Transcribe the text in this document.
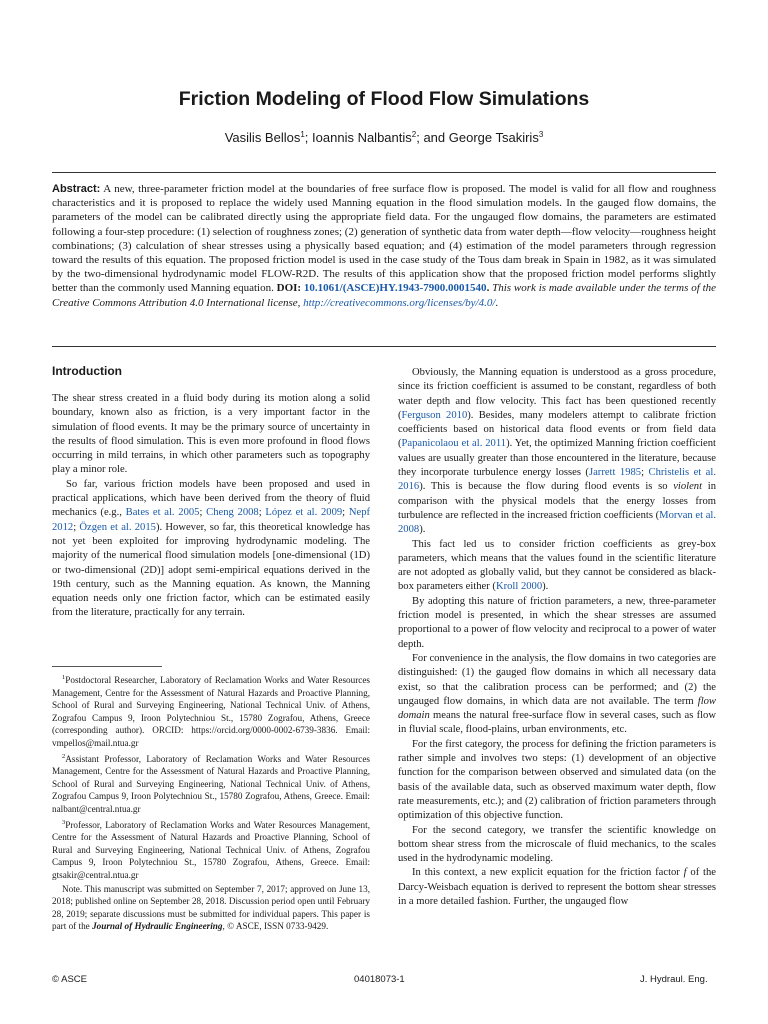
Friction Modeling of Flood Flow Simulations
Vasilis Bellos$^1$; Ioannis Nalbantis$^2$; and George Tsakiris$^3$

Abstract: A new, three-parameter friction model at the boundaries of free surface flow is proposed. The model is valid for all flow and roughness characteristics and it is proposed to replace the widely used Manning equation in the flood simulation models. In the gauged flow domains, the parameters of the model can be calibrated directly using the appropriate field data. For the ungauged flow domains, the parameters are estimated following a four-step procedure: (1) selection of roughness zones; (2) generation of synthetic data from water depth—flow velocity—roughness height combinations; (3) calculation of shear stresses using a physically based equation; and (4) estimation of the model parameters through regression toward the results of this equation. The proposed friction model is used in the case study of the Tous dam break in Spain in 1982, as it was simulated by the two-dimensional hydrodynamic model FLOW-R2D. The results of this application show that the proposed friction model performs slightly better than the commonly used Manning equation. DOI: 10.1061/(ASCE)HY.1943-7900.0001540. This work is made available under the terms of the Creative Commons Attribution 4.0 International license, http://creativecommons.org/licenses/by/4.0/.

Introduction

The shear stress created in a fluid body during its motion along a solid boundary, known also as friction, is a very important factor in the simulation of flood events. It may be the primary source of uncertainty in the results of flood simulation. This is even more profound in flood flows occurring in mild terrains, in which other parameters such as topography play a minor role.

So far, various friction models have been proposed and used in practical applications, which have been derived from the theory of fluid mechanics (e.g., Bates et al. 2005; Cheng 2008; López et al. 2009; Nepf 2012; Özgen et al. 2015). However, so far, this theoretical knowledge has not yet been exploited for improving hydrodynamic modeling. The majority of the numerical flood simulation models [one-dimensional (1D) or two-dimensional (2D)] adopt semi-empirical equations derived in the 19th century, such as the Manning equation. As known, the Manning equation needs only one friction factor, which can be estimated easily from the literature, practically for any terrain.

$^1$Postdoctoral Researcher, Laboratory of Reclamation Works and Water Resources Management, Centre for the Assessment of Natural Hazards and Proactive Planning, School of Rural and Surveying Engineering, National Technical Univ. of Athens, Zografou Campus 9, Iroon Polytechniou St., 15780 Zografou, Athens, Greece (corresponding author). ORCID: https://orcid.org/0000-0002-6739-3836. Email: vmpellos@mail.ntua.gr

$^2$Assistant Professor, Laboratory of Reclamation Works and Water Resources Management, Centre for the Assessment of Natural Hazards and Proactive Planning, School of Rural and Surveying Engineering, National Technical Univ. of Athens, Zografou Campus 9, Iroon Polytechniou St., 15780 Zografou, Athens, Greece. Email: nalbant@central.ntua.gr

$^3$Professor, Laboratory of Reclamation Works and Water Resources Management, Centre for the Assessment of Natural Hazards and Proactive Planning, School of Rural and Surveying Engineering, National Technical Univ. of Athens, Zografou Campus 9, Iroon Polytechniou St., 15780 Zografou, Athens, Greece. Email: gtsakir@central.ntua.gr

Note. This manuscript was submitted on September 7, 2017; approved on June 13, 2018; published online on September 28, 2018. Discussion period open until February 28, 2019; separate discussions must be submitted for individual papers. This paper is part of the Journal of Hydraulic Engineering, © ASCE, ISSN 0733-9429.

Obviously, the Manning equation is understood as a gross procedure, since its friction coefficient is assumed to be constant, regardless of both water depth and flow velocity. This fact has been questioned recently (Ferguson 2010). Besides, many modelers attempt to calibrate friction coefficients based on historical data flood events or from field data (Papanicolaou et al. 2011). Yet, the optimized Manning friction coefficient values are usually greater than those encountered in the literature, because they incorporate turbulence energy losses (Jarrett 1985; Christelis et al. 2016). This is because the flow during flood events is so violent in comparison with the physical models that the energy losses from turbulence are reflected in the increased friction coefficients (Morvan et al. 2008).

This fact led us to consider friction coefficients as grey-box parameters, which means that the values found in the scientific literature are not adopted as globally valid, but they cannot be considered as black-box parameters either (Kroll 2000).

By adopting this nature of friction parameters, a new, three-parameter friction model is presented, in which the shear stresses are assumed proportional to a power of flow velocity and reciprocal to a power of water depth.

For convenience in the analysis, the flow domains in two categories are distinguished: (1) the gauged flow domains in which all necessary data exist, so that the calibration process can be performed; and (2) the ungauged flow domains, in which data are not available. The term flow domain means the natural free-surface flow in several cases, such as flow in fluvial scale, flood-plains, urban environments, etc.

For the first category, the process for defining the friction parameters is rather simple and involves two steps: (1) development of an objective function for the comparison between observed and simulated data (on the basis of the available data, such as observed maximum water depth, flow rate measurements, etc.); and (2) calibration of friction parameters through optimization of this objective function.

For the second category, we transfer the scientific knowledge on bottom shear stress from the microscale of fluid mechanics, to the scales used in the hydrodynamic modeling.

In this context, a new explicit equation for the friction factor f of the Darcy-Weisbach equation is derived to represent the bottom shear stresses in a more detailed fashion. Further, the ungauged flow

© ASCE	04018073-1	J. Hydraul. Eng.
